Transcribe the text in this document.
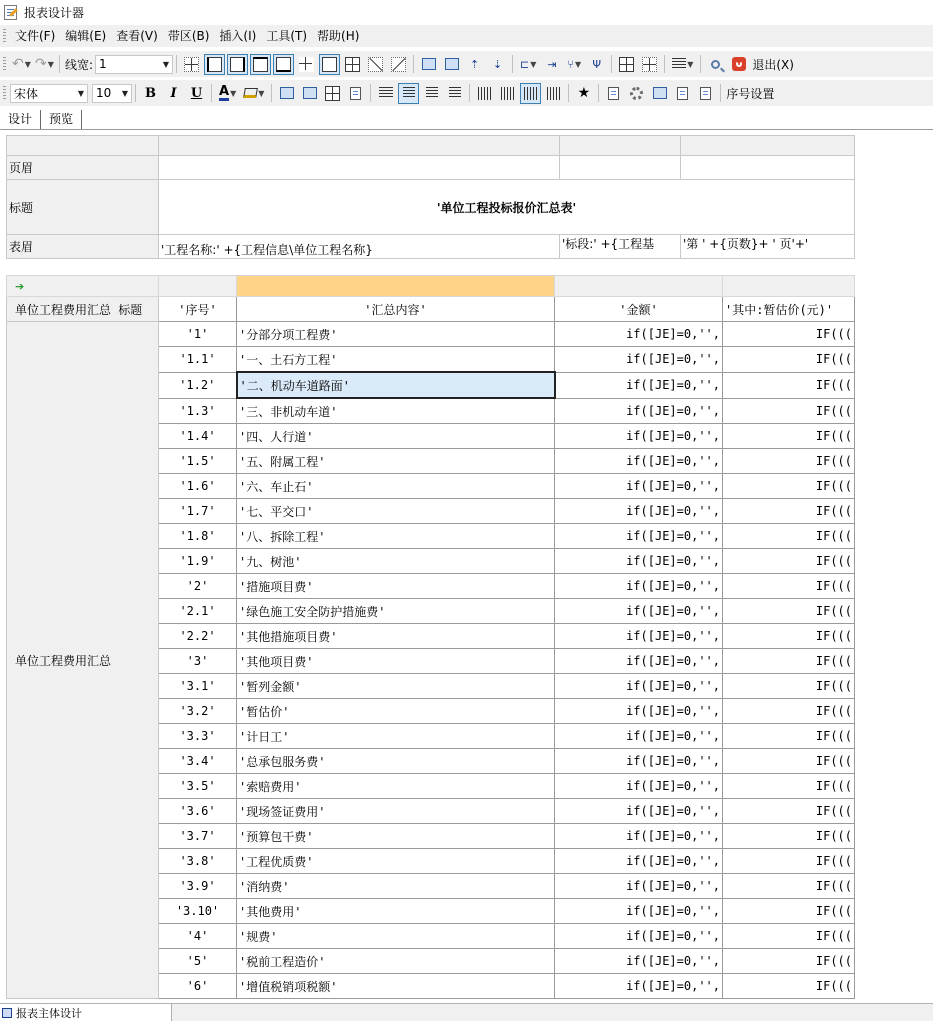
报表设计器
文件(F) 编辑(E) 查看(V) 带区(B) 插入(I) 工具(T) 帮助(H)
↶ ▼ ↷ ▼ 线宽: 1	▼	⇡ ⇣ ⊏ ▼ ⇥ ⑂ ▼ Ψ	▼	退出(X)
宋体	▼ 10 ▼ B I U A ▼	▼	★	序号设置
设计	预览

页眉			
标题	'单位工程投标报价汇总表'		
表眉	'工程名称:' +{工程信息\单位工程名称}	'标段:' +{工程基	'第 ' +{页数}+ ' 页'+'
➔				
单位工程费用汇总 标题	'序号'	'汇总内容'	'金额'	'其中:暂估价(元)'
单位工程费用汇总	'1'	'分部分项工程费'	if([JE]=0,'',	IF(((
	'1.1'	'一、土石方工程'	if([JE]=0,'',	IF(((
	'1.2'	'二、机动车道路面'	if([JE]=0,'',	IF(((
	'1.3'	'三、非机动车道'	if([JE]=0,'',	IF(((
	'1.4'	'四、人行道'	if([JE]=0,'',	IF(((
	'1.5'	'五、附属工程'	if([JE]=0,'',	IF(((
	'1.6'	'六、车止石'	if([JE]=0,'',	IF(((
	'1.7'	'七、平交口'	if([JE]=0,'',	IF(((
	'1.8'	'八、拆除工程'	if([JE]=0,'',	IF(((
	'1.9'	'九、树池'	if([JE]=0,'',	IF(((
	'2'	'措施项目费'	if([JE]=0,'',	IF(((
	'2.1'	'绿色施工安全防护措施费'	if([JE]=0,'',	IF(((
	'2.2'	'其他措施项目费'	if([JE]=0,'',	IF(((
	'3'	'其他项目费'	if([JE]=0,'',	IF(((
	'3.1'	'暂列金额'	if([JE]=0,'',	IF(((
	'3.2'	'暂估价'	if([JE]=0,'',	IF(((
	'3.3'	'计日工'	if([JE]=0,'',	IF(((
	'3.4'	'总承包服务费'	if([JE]=0,'',	IF(((
	'3.5'	'索赔费用'	if([JE]=0,'',	IF(((
	'3.6'	'现场签证费用'	if([JE]=0,'',	IF(((
	'3.7'	'预算包干费'	if([JE]=0,'',	IF(((
	'3.8'	'工程优质费'	if([JE]=0,'',	IF(((
	'3.9'	'消纳费'	if([JE]=0,'',	IF(((
	'3.10'	'其他费用'	if([JE]=0,'',	IF(((
	'4'	'规费'	if([JE]=0,'',	IF(((
	'5'	'税前工程造价'	if([JE]=0,'',	IF(((
	'6'	'增值税销项税额'	if([JE]=0,'',	IF(((
报表主体设计
